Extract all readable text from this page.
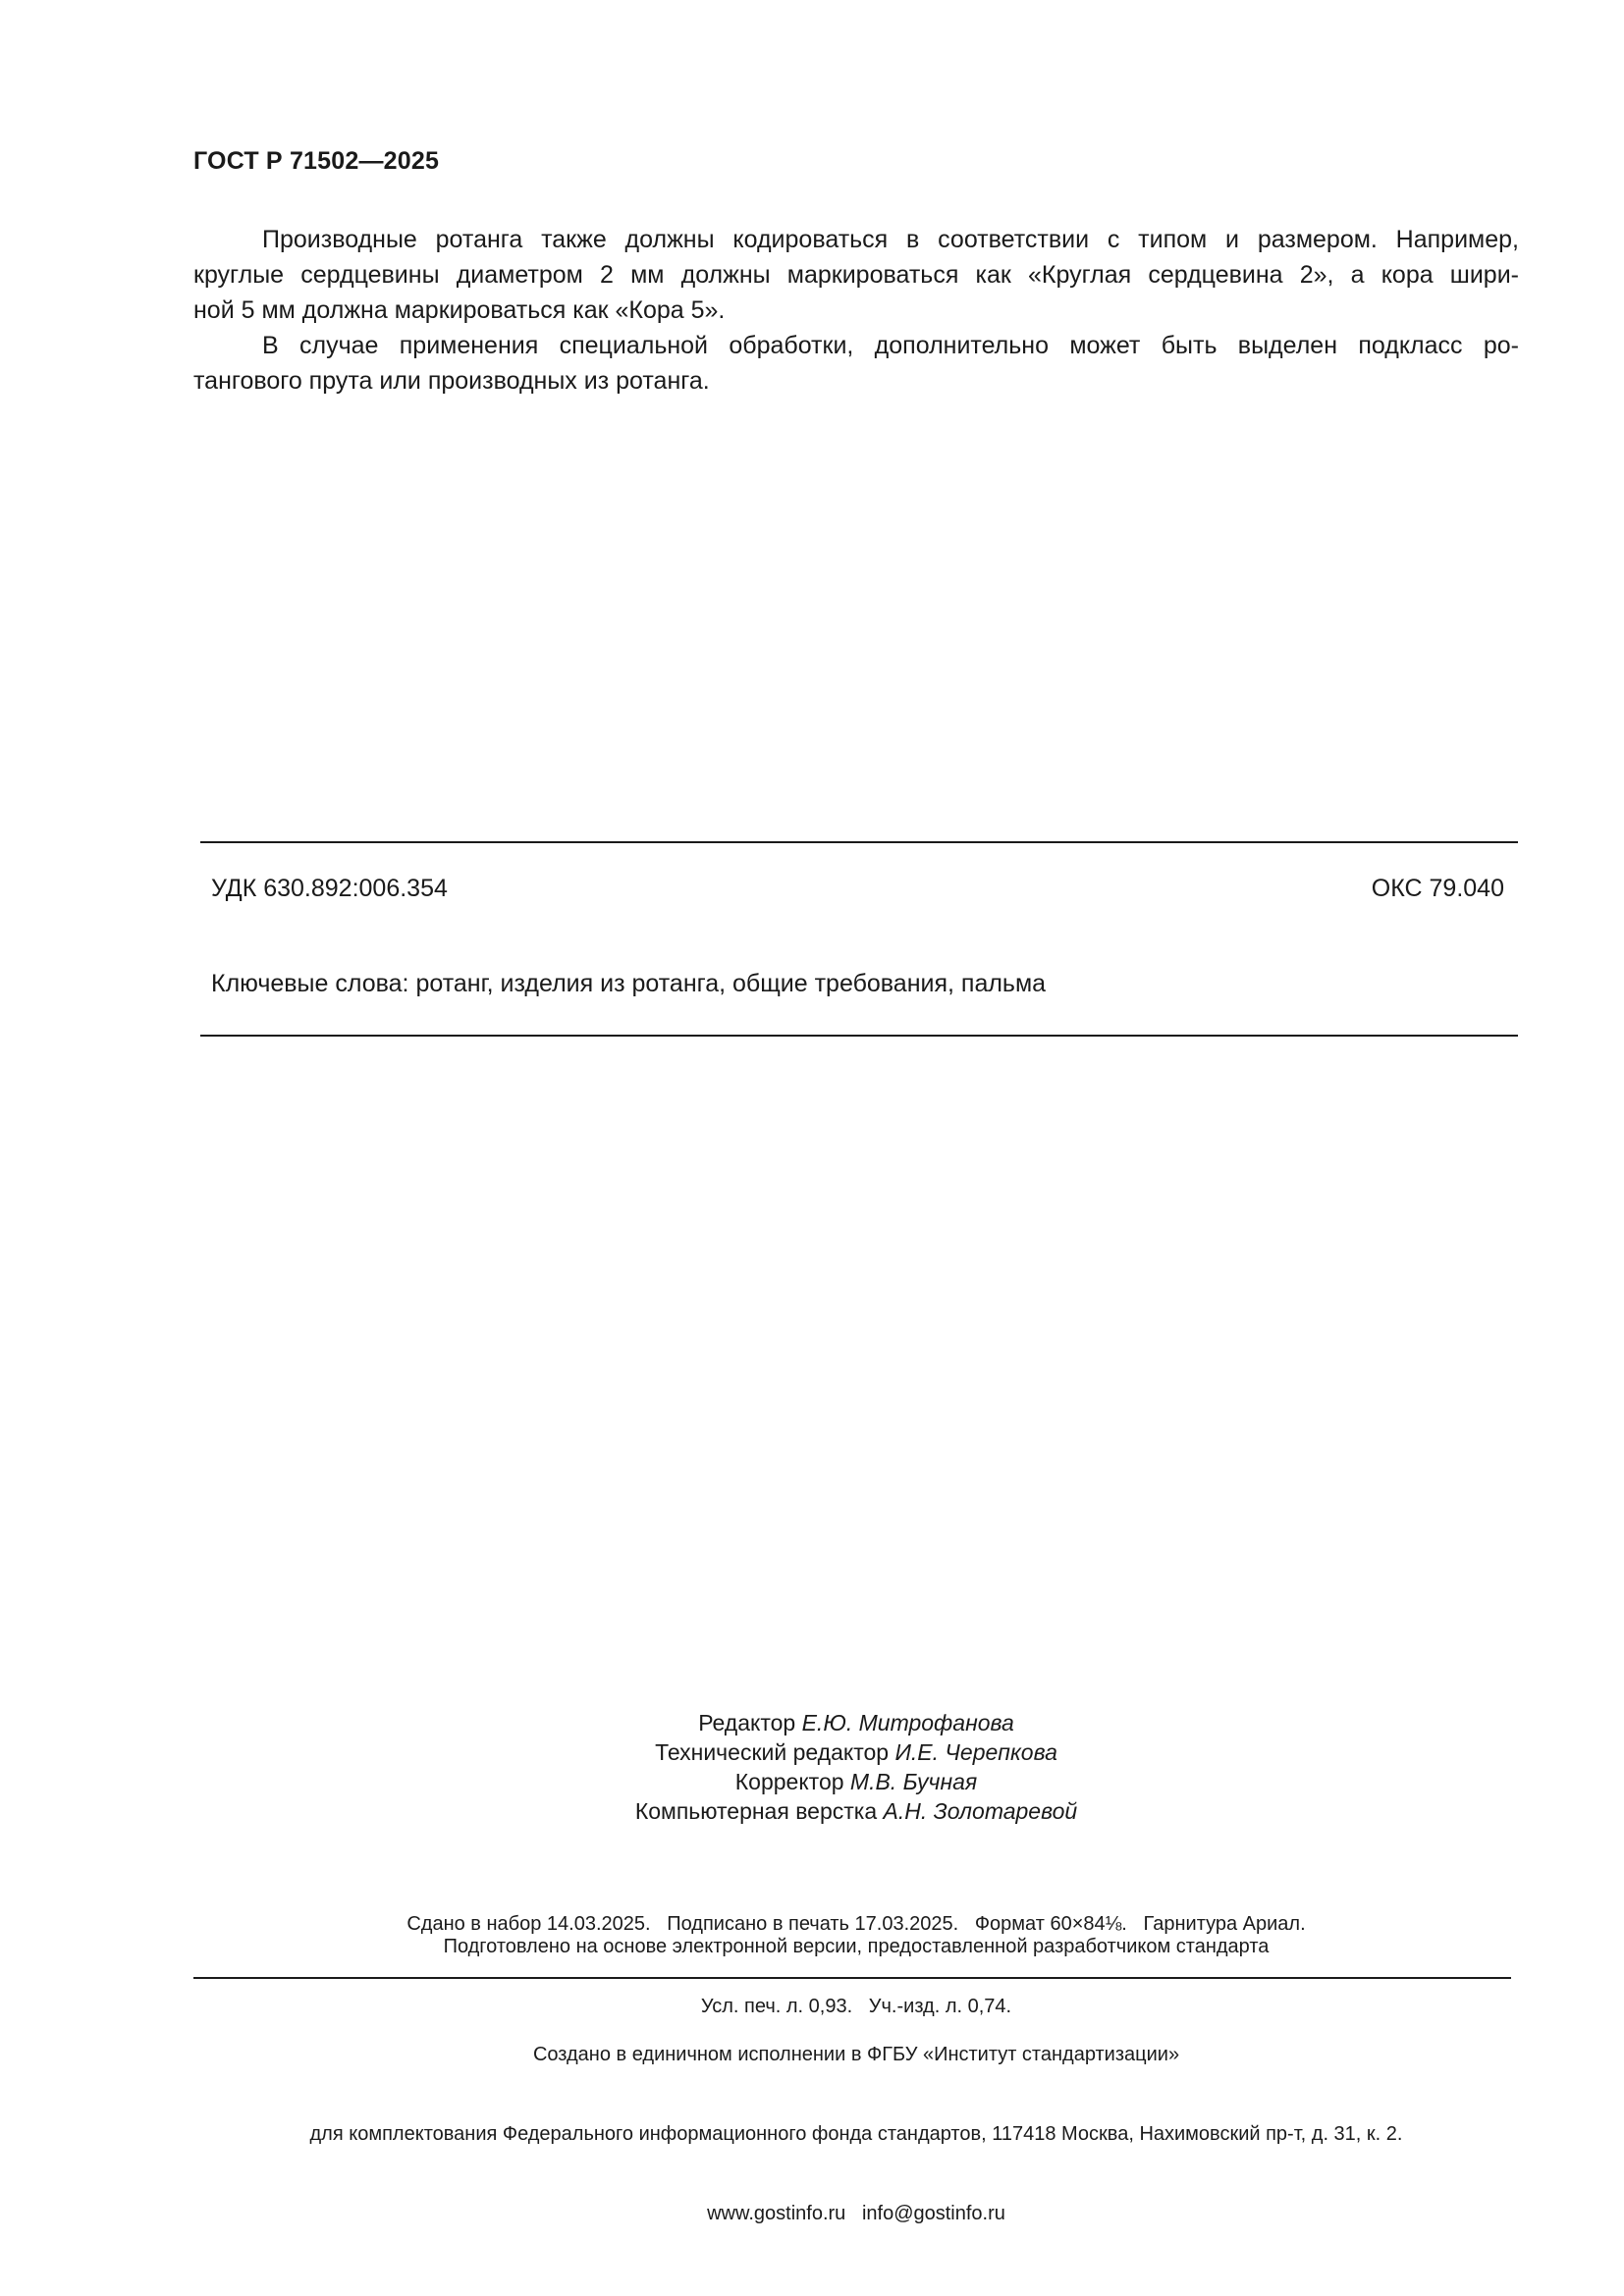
ГОСТ Р 71502—2025

Производные ротанга также должны кодироваться в соответствии с типом и размером. Например,
круглые сердцевины диаметром 2 мм должны маркироваться как «Круглая сердцевина 2», а кора шири-
ной 5 мм должна маркироваться как «Кора 5».

В случае применения специальной обработки, дополнительно может быть выделен подкласс ро-
тангового прута или производных из ротанга.

УДК 630.892:006.354	ОКС 79.040
Ключевые слова: ротанг, изделия из ротанга, общие требования, пальма
Редактор Е.Ю. Митрофанова
Технический редактор И.Е. Черепкова
Корректор М.В. Бучная
Компьютерная верстка А.Н. Золотаревой

Сдано в набор 14.03.2025.   Подписано в печать 17.03.2025.   Формат 60×84⅛.   Гарнитура Ариал.

Усл. печ. л. 0,93.   Уч.-изд. л. 0,74.

Подготовлено на основе электронной версии, предоставленной разработчиком стандарта

Создано в единичном исполнении в ФГБУ «Институт стандартизации»

для комплектования Федерального информационного фонда стандартов, 117418 Москва, Нахимовский пр-т, д. 31, к. 2.

www.gostinfo.ru   info@gostinfo.ru
